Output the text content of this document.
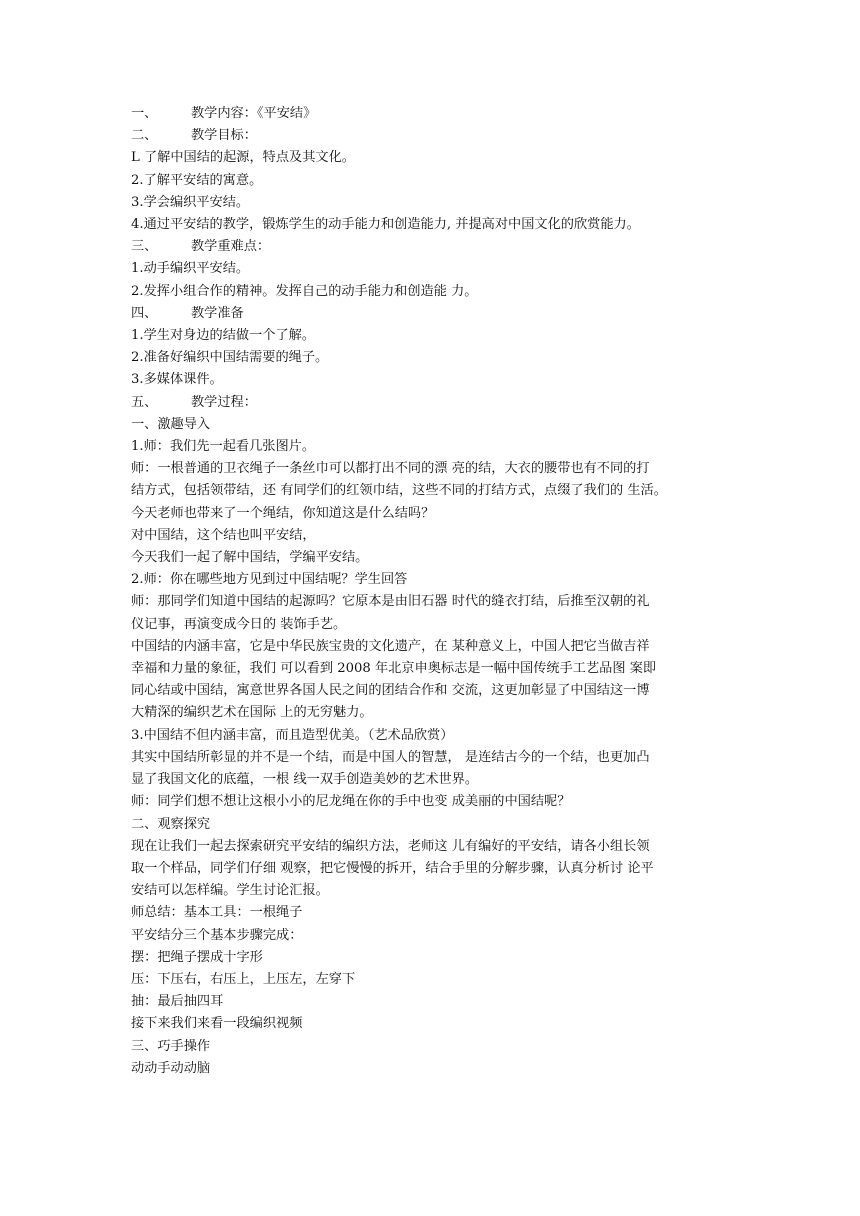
一、	教学内容：《平安结》
二、	教学目标：
L 了解中国结的起源，特点及其文化。
2.了解平安结的寓意。
3.学会编织平安结。
4.通过平安结的教学，锻炼学生的动手能力和创造能力, 并提高对中国文化的欣赏能力。
三、	教学重难点：
1.动手编织平安结。
2.发挥小组合作的精神。发挥自己的动手能力和创造能 力。
四、	教学准备
1.学生对身边的结做一个了解。
2.准备好编织中国结需要的绳子。
3.多媒体课件。
五、	教学过程：
一、激趣导入
1.师：我们先一起看几张图片。
师：一根普通的卫衣绳子一条丝巾可以都打出不同的漂 亮的结，大衣的腰带也有不同的打
结方式，包括领带结，还 有同学们的红领巾结，这些不同的打结方式，点缀了我们的 生活。
今天老师也带来了一个绳结，你知道这是什么结吗？
对中国结，这个结也叫平安结，
今天我们一起了解中国结，学编平安结。
2.师：你在哪些地方见到过中国结呢？学生回答
师：那同学们知道中国结的起源吗？它原本是由旧石器 时代的缝衣打结，后推至汉朝的礼
仪记事，再演变成今日的 装饰手艺。
中国结的内涵丰富，它是中华民族宝贵的文化遗产，在 某种意义上，中国人把它当做吉祥
幸福和力量的象征，我们 可以看到 2008 年北京申奥标志是一幅中国传统手工艺品图 案即
同心结或中国结，寓意世界各国人民之间的团结合作和 交流，这更加彰显了中国结这一博
大精深的编织艺术在国际 上的无穷魅力。
3.中国结不但内涵丰富，而且造型优美。（艺术品欣赏）
其实中国结所彰显的并不是一个结，而是中国人的智慧， 是连结古今的一个结，也更加凸
显了我国文化的底蕴，一根 线一双手创造美妙的艺术世界。
师：同学们想不想让这根小小的尼龙绳在你的手中也变 成美丽的中国结呢？
二、观察探究
现在让我们一起去探索研究平安结的编织方法，老师这 儿有编好的平安结，请各小组长领
取一个样品，同学们仔细 观察，把它慢慢的拆开，结合手里的分解步骤，认真分析讨 论平
安结可以怎样编。学生讨论汇报。
师总结：基本工具：一根绳子
平安结分三个基本步骤完成：
摆：把绳子摆成十字形
压：下压右，右压上，上压左，左穿下
抽：最后抽四耳
接下来我们来看一段编织视频
三、巧手操作
动动手动动脑
